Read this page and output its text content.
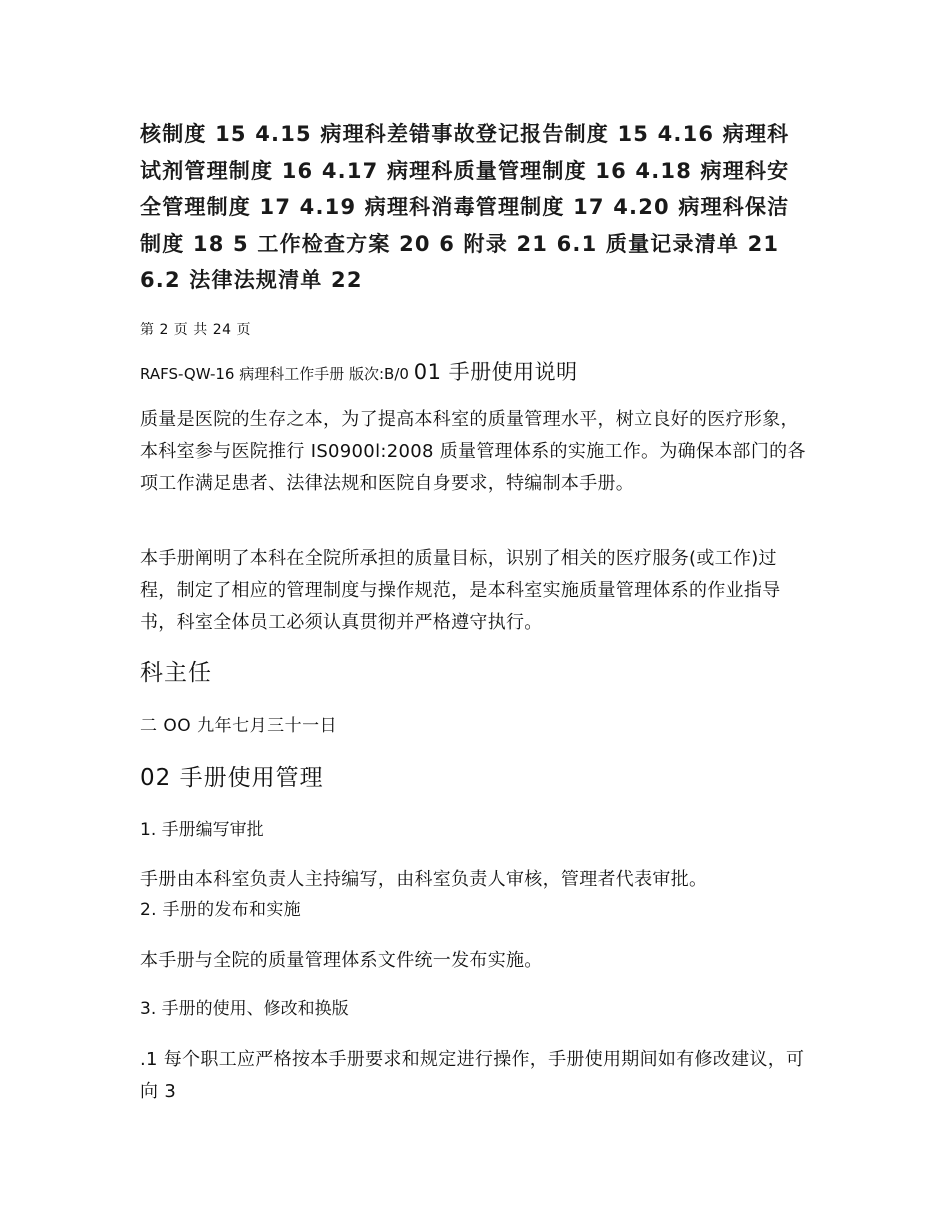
核制度 15 4.15 病理科差错事故登记报告制度 15 4.16 病理科试剂管理制度 16 4.17 病理科质量管理制度 16 4.18 病理科安全管理制度 17 4.19 病理科消毒管理制度 17 4.20 病理科保洁制度 18 5 工作检查方案 20 6 附录 21 6.1 质量记录清单 21 6.2 法律法规清单 22

第 2 页 共 24 页
RAFS-QW-16 病理科工作手册 版次:B/0 01 手册使用说明

质量是医院的生存之本，为了提高本科室的质量管理水平，树立良好的医疗形象，本科室参与医院推行 IS0900l:2008 质量管理体系的实施工作。为确保本部门的各项工作满足患者、法律法规和医院自身要求，特编制本手册。

本手册阐明了本科在全院所承担的质量目标，识别了相关的医疗服务(或工作)过程，制定了相应的管理制度与操作规范，是本科室实施质量管理体系的作业指导书，科室全体员工必须认真贯彻并严格遵守执行。

科主任
二 OO 九年七月三十一日
02 手册使用管理
1. 手册编写审批
手册由本科室负责人主持编写，由科室负责人审核，管理者代表审批。
2. 手册的发布和实施
本手册与全院的质量管理体系文件统一发布实施。
3. 手册的使用、修改和换版

.1 每个职工应严格按本手册要求和规定进行操作，手册使用期间如有修改建议，可向 3
